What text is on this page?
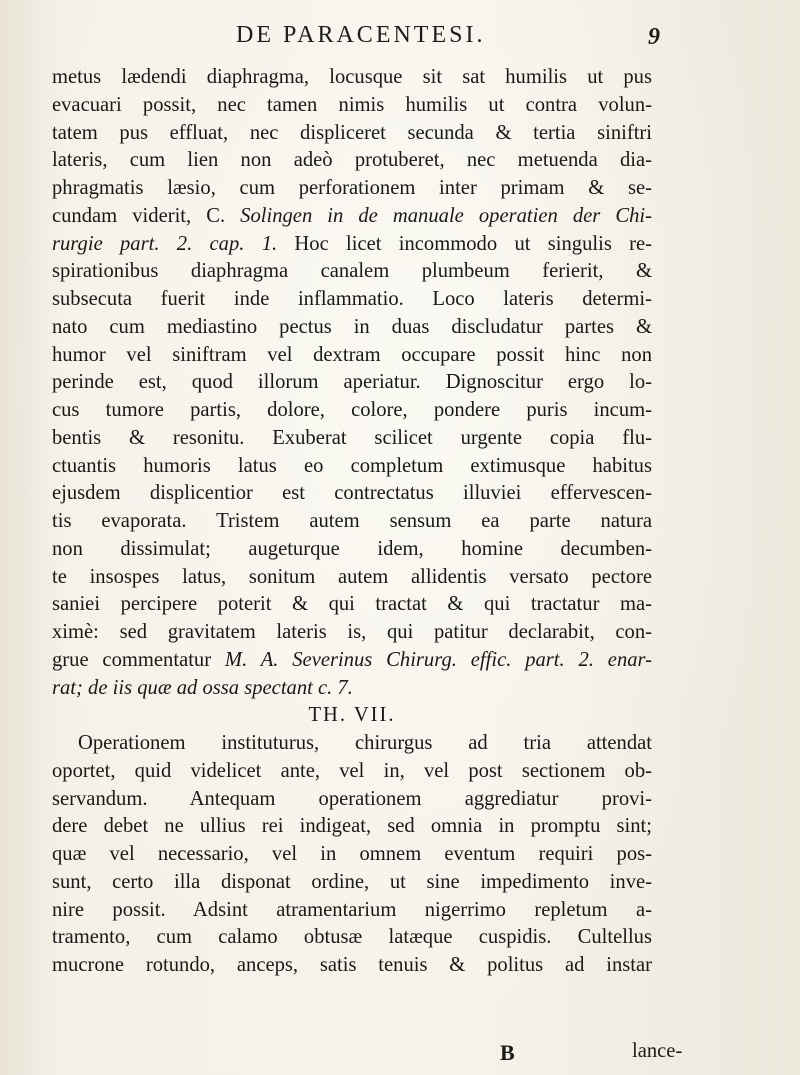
DE PARACENTESI.	9
metus lædendi diaphragma, locusque sit sat humilis ut pus
evacuari possit, nec tamen nimis humilis ut contra volun-
tatem pus effluat, nec displiceret secunda & tertia siniftri
lateris, cum lien non adeò protuberet, nec metuenda dia-
phragmatis læsio, cum perforationem inter primam & se-
cundam viderit, C. Solingen in de manuale operatien der Chi-
rurgie part. 2. cap. 1. Hoc licet incommodo ut singulis re-
spirationibus diaphragma canalem plumbeum ferierit, &
subsecuta fuerit inde inflammatio. Loco lateris determi-
nato cum mediastino pectus in duas discludatur partes &
humor vel siniftram vel dextram occupare possit hinc non
perinde est, quod illorum aperiatur. Dignoscitur ergo lo-
cus tumore partis, dolore, colore, pondere puris incum-
bentis & resonitu. Exuberat scilicet urgente copia flu-
ctuantis humoris latus eo completum extimusque habitus
ejusdem displicentior est contrectatus illuviei effervescen-
tis evaporata. Tristem autem sensum ea parte natura
non dissimulat; augeturque idem, homine decumben-
te insospes latus, sonitum autem allidentis versato pectore
saniei percipere poterit & qui tractat & qui tractatur ma-
ximè: sed gravitatem lateris is, qui patitur declarabit, con-
grue commentatur M. A. Severinus Chirurg. effic. part. 2. enar-
rat; de iis quæ ad ossa spectant c. 7.
TH. VII.
Operationem instituturus, chirurgus ad tria attendat
oportet, quid videlicet ante, vel in, vel post sectionem ob-
servandum. Antequam operationem aggrediatur provi-
dere debet ne ullius rei indigeat, sed omnia in promptu sint;
quæ vel necessario, vel in omnem eventum requiri pos-
sunt, certo illa disponat ordine, ut sine impedimento inve-
nire possit. Adsint atramentarium nigerrimo repletum a-
tramento, cum calamo obtusæ latæque cuspidis. Cultellus
mucrone rotundo, anceps, satis tenuis & politus ad instar
B	lance-
